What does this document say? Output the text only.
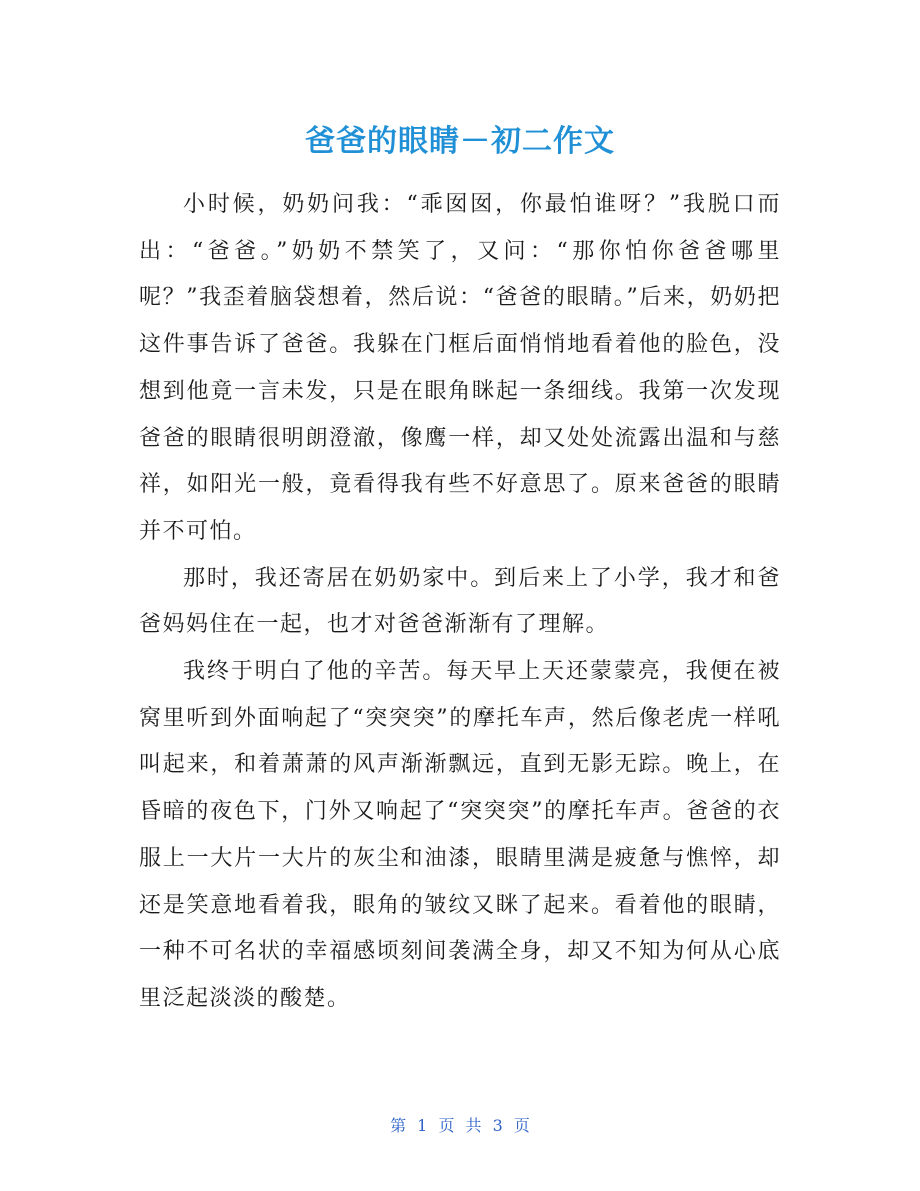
爸爸的眼睛－初二作文

小时候，奶奶问我：“乖囡囡，你最怕谁呀？”我脱口而出：“爸爸。”奶奶不禁笑了，又问：“那你怕你爸爸哪里呢？”我歪着脑袋想着，然后说：“爸爸的眼睛。”后来，奶奶把这件事告诉了爸爸。我躲在门框后面悄悄地看着他的脸色，没想到他竟一言未发，只是在眼角眯起一条细线。我第一次发现爸爸的眼睛很明朗澄澈，像鹰一样，却又处处流露出温和与慈祥，如阳光一般，竟看得我有些不好意思了。原来爸爸的眼睛并不可怕。

那时，我还寄居在奶奶家中。到后来上了小学，我才和爸爸妈妈住在一起，也才对爸爸渐渐有了理解。

我终于明白了他的辛苦。每天早上天还蒙蒙亮，我便在被窝里听到外面响起了“突突突”的摩托车声，然后像老虎一样吼叫起来，和着萧萧的风声渐渐飘远，直到无影无踪。晚上，在昏暗的夜色下，门外又响起了“突突突”的摩托车声。爸爸的衣服上一大片一大片的灰尘和油漆，眼睛里满是疲惫与憔悴，却还是笑意地看着我，眼角的皱纹又眯了起来。看着他的眼睛，一种不可名状的幸福感顷刻间袭满全身，却又不知为何从心底里泛起淡淡的酸楚。

第 1 页 共 3 页
